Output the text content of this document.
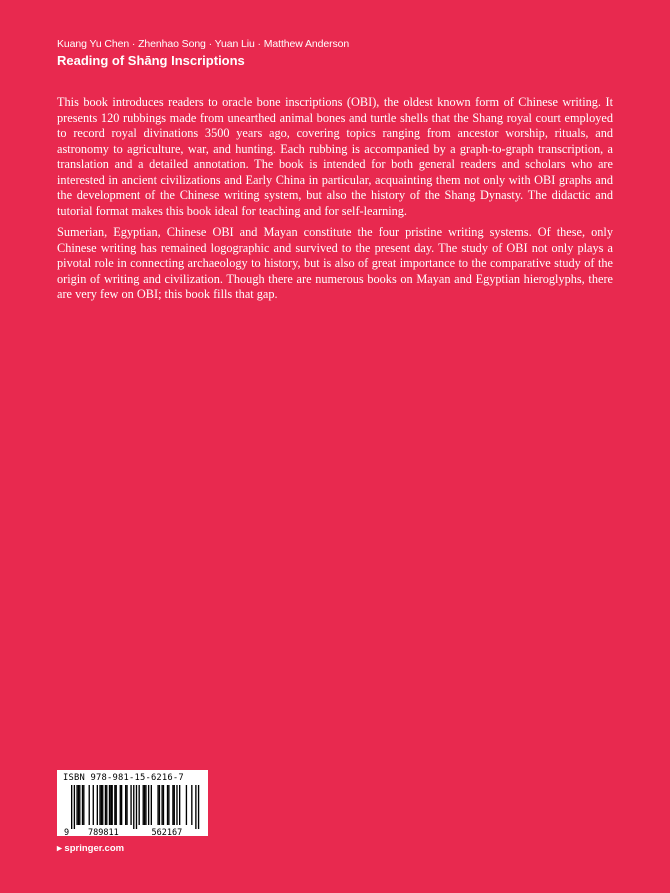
Kuang Yu Chen · Zhenhao Song · Yuan Liu · Matthew Anderson
Reading of Shāng Inscriptions

This book introduces readers to oracle bone inscriptions (OBI), the oldest known form of Chinese writing. It presents 120 rubbings made from unearthed animal bones and turtle shells that the Shang royal court employed to record royal divinations 3500 years ago, covering topics ranging from ancestor worship, rituals, and astronomy to agriculture, war, and hunting. Each rubbing is accompanied by a graph-to-graph transcription, a translation and a detailed annotation. The book is intended for both general readers and scholars who are interested in ancient civilizations and Early China in particular, acquainting them not only with OBI graphs and the development of the Chinese writing system, but also the history of the Shang Dynasty. The didactic and tutorial format makes this book ideal for teaching and for self-learning.

Sumerian, Egyptian, Chinese OBI and Mayan constitute the four pristine writing systems. Of these, only Chinese writing has remained logographic and survived to the present day. The study of OBI not only plays a pivotal role in connecting archaeology to history, but is also of great importance to the comparative study of the origin of writing and civilization. Though there are numerous books on Mayan and Egyptian hieroglyphs, there are very few on OBI; this book fills that gap.

ISBN 978-981-15-6216-7
9 789811	562167
▸ springer.com
